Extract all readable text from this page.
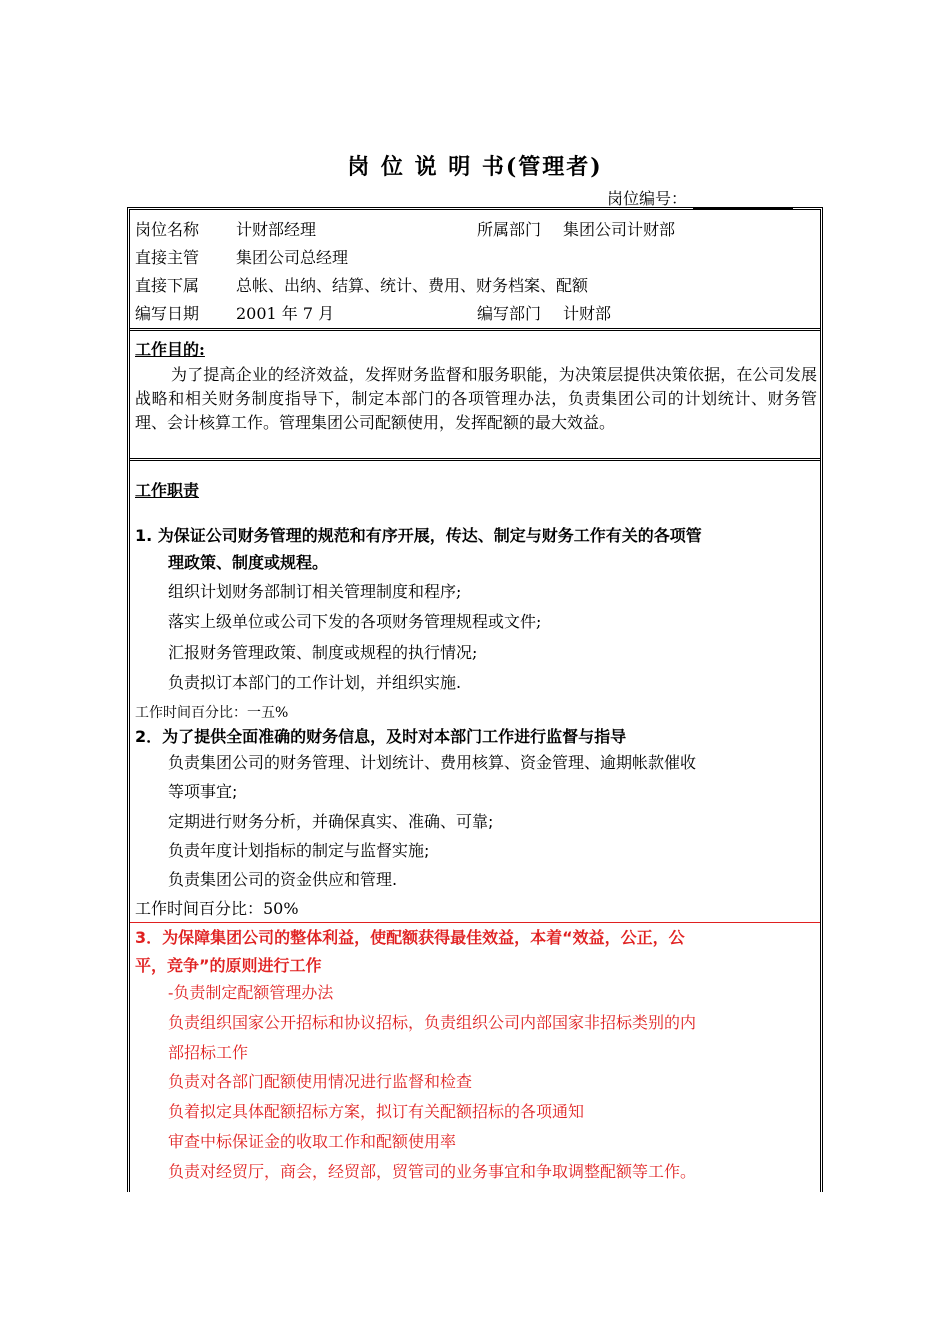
岗 位 说 明 书(管理者)
岗位编号：
岗位名称 计财部经理	所属部门 集团公司计财部
直接主管 集团公司总经理
直接下属 总帐、出纳、结算、统计、费用、财务档案、配额
编写日期 2001 年 7 月	编写部门 计财部
工作目的:
为了提高企业的经济效益，发挥财务监督和服务职能，为决策层提供决策依据，在公司发展战略和相关财务制度指导下，制定本部门的各项管理办法，负责集团公司的计划统计、财务管理、会计核算工作。管理集团公司配额使用，发挥配额的最大效益。
工作职责
1. 为保证公司财务管理的规范和有序开展，传达、制定与财务工作有关的各项管
理政策、制度或规程。
组织计划财务部制订相关管理制度和程序;
落实上级单位或公司下发的各项财务管理规程或文件;
汇报财务管理政策、制度或规程的执行情况;
负责拟订本部门的工作计划，并组织实施.
工作时间百分比：一五%
2．为了提供全面准确的财务信息，及时对本部门工作进行监督与指导
负责集团公司的财务管理、计划统计、费用核算、资金管理、逾期帐款催收
等项事宜;
定期进行财务分析，并确保真实、准确、可靠;
负责年度计划指标的制定与监督实施;
负责集团公司的资金供应和管理.
工作时间百分比：50%
3．为保障集团公司的整体利益，使配额获得最佳效益，本着“效益，公正，公
平，竞争”的原则进行工作
-负责制定配额管理办法
负责组织国家公开招标和协议招标，负责组织公司内部国家非招标类别的内
部招标工作
负责对各部门配额使用情况进行监督和检查
负着拟定具体配额招标方案，拟订有关配额招标的各项通知
审查中标保证金的收取工作和配额使用率
负责对经贸厅，商会，经贸部，贸管司的业务事宜和争取调整配额等工作。
